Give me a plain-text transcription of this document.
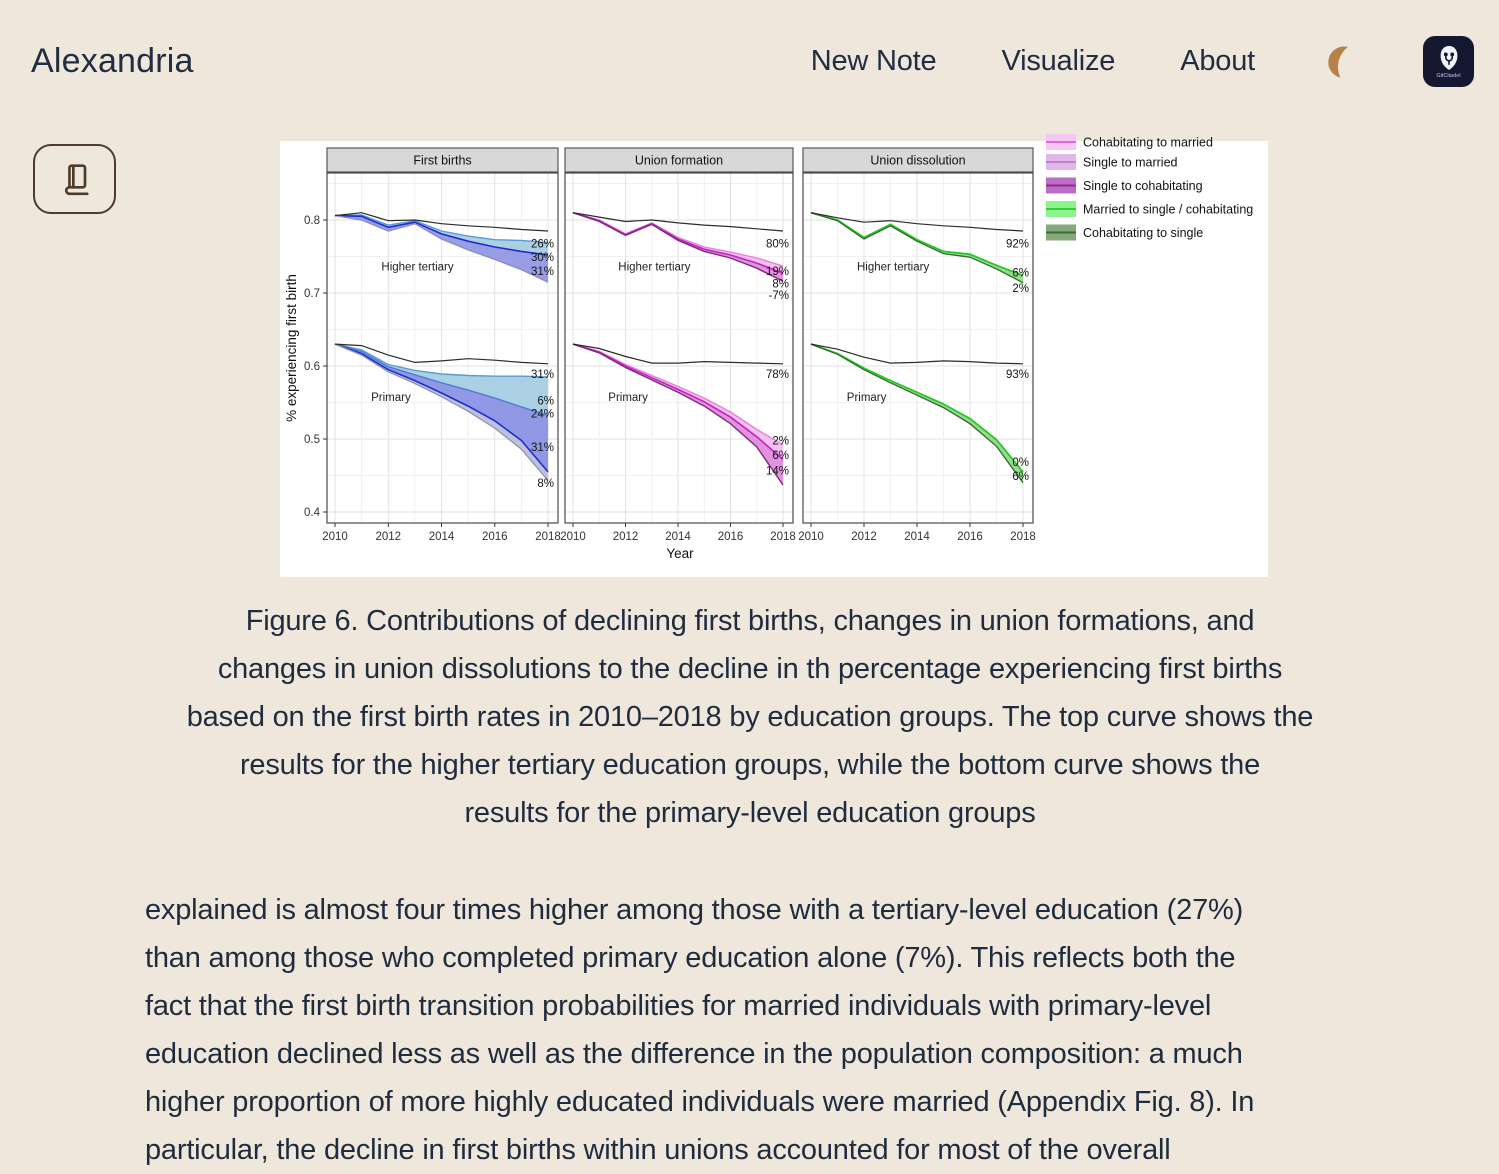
Alexandria	New Note Visualize About	GitCitadel
26%
30%
31%
31%
6%
24%
31%
8%
Higher tertiary
Primary
First births
2010 2012 2014 2016 2018
80%
19%
8%
-7%
78%
2%
6%
14%
Higher tertiary
Primary
Union formation
2010 2012 2014 2016 2018
92%
6%
2%
93%
0%
6%
Higher tertiary
Primary
Union dissolution
2010 2012 2014 2016 2018
0.4
0.5
0.6
0.7
0.8
Year
% experiencing first birth
Cohabitating to married
Single to married
Single to cohabitating
Married to single / cohabitating
Cohabitating to single
Figure 6. Contributions of declining first births, changes in union formations, and
changes in union dissolutions to the decline in th percentage experiencing first births
based on the first birth rates in 2010–2018 by education groups. The top curve shows the
results for the higher tertiary education groups, while the bottom curve shows the
results for the primary-level education groups
explained is almost four times higher among those with a tertiary-level education (27%)
than among those who completed primary education alone (7%). This reflects both the
fact that the first birth transition probabilities for married individuals with primary-level
education declined less as well as the difference in the population composition: a much
higher proportion of more highly educated individuals were married (Appendix Fig. 8). In
particular, the decline in first births within unions accounted for most of the overall
